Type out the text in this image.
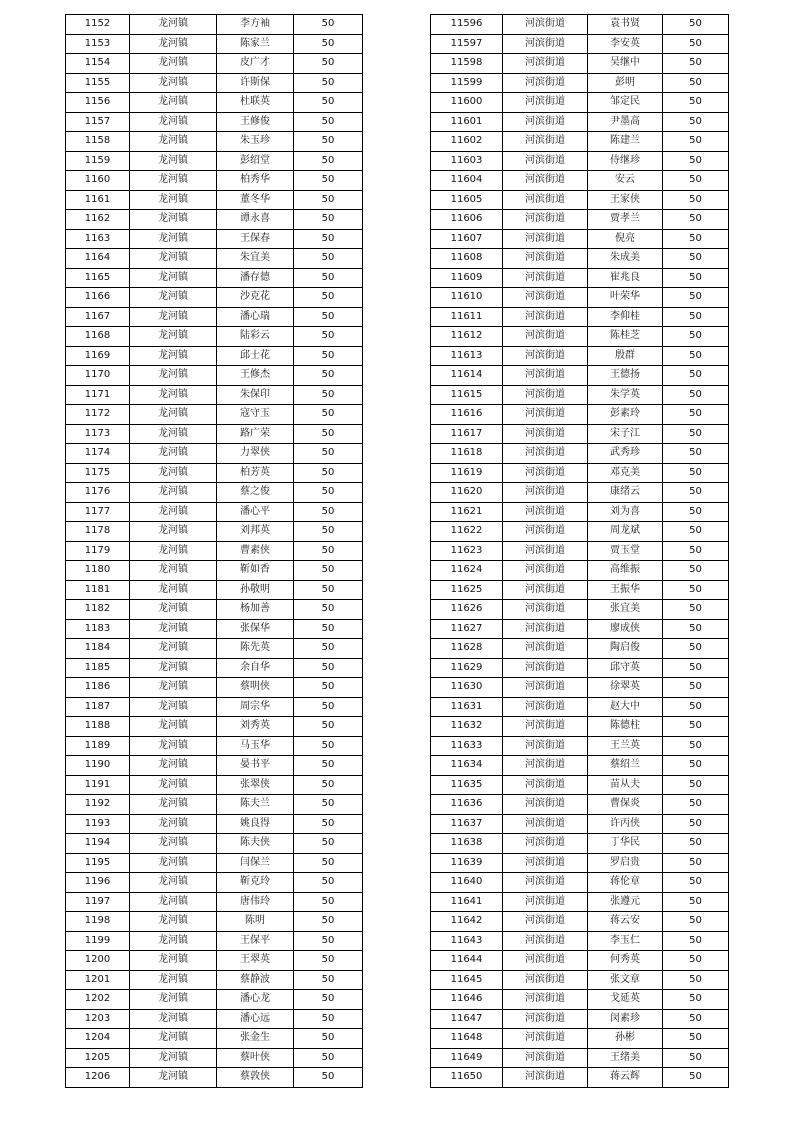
1152	龙河镇	李方袖	50
1153	龙河镇	陈家兰	50
1154	龙河镇	皮广才	50
1155	龙河镇	许斯保	50
1156	龙河镇	杜联英	50
1157	龙河镇	王修俊	50
1158	龙河镇	朱玉珍	50
1159	龙河镇	彭绍堂	50
1160	龙河镇	柏秀华	50
1161	龙河镇	董冬华	50
1162	龙河镇	谭永喜	50
1163	龙河镇	王保春	50
1164	龙河镇	朱宜美	50
1165	龙河镇	潘存德	50
1166	龙河镇	沙克花	50
1167	龙河镇	潘心瑞	50
1168	龙河镇	陆彩云	50
1169	龙河镇	邱士花	50
1170	龙河镇	王修杰	50
1171	龙河镇	朱保印	50
1172	龙河镇	寇守玉	50
1173	龙河镇	路广荣	50
1174	龙河镇	力翠侠	50
1175	龙河镇	柏芳英	50
1176	龙河镇	蔡之俊	50
1177	龙河镇	潘心平	50
1178	龙河镇	刘邦英	50
1179	龙河镇	曹素侠	50
1180	龙河镇	靳如香	50
1181	龙河镇	孙敬明	50
1182	龙河镇	杨加善	50
1183	龙河镇	张保华	50
1184	龙河镇	陈先英	50
1185	龙河镇	余自华	50
1186	龙河镇	蔡明侠	50
1187	龙河镇	周宗华	50
1188	龙河镇	刘秀英	50
1189	龙河镇	马玉华	50
1190	龙河镇	晏书平	50
1191	龙河镇	张翠侠	50
1192	龙河镇	陈夫兰	50
1193	龙河镇	姚良得	50
1194	龙河镇	陈夫侠	50
1195	龙河镇	闫保兰	50
1196	龙河镇	靳克玲	50
1197	龙河镇	唐伟玲	50
1198	龙河镇	陈明	50
1199	龙河镇	王保平	50
1200	龙河镇	王翠英	50
1201	龙河镇	蔡静波	50
1202	龙河镇	潘心龙	50
1203	龙河镇	潘心远	50
1204	龙河镇	张金生	50
1205	龙河镇	蔡叶侠	50
1206	龙河镇	蔡敦侠	50
11596	河滨街道	袁书贤	50
11597	河滨街道	李安英	50
11598	河滨街道	吴继中	50
11599	河滨街道	彭明	50
11600	河滨街道	邹定民	50
11601	河滨街道	尹墨高	50
11602	河滨街道	陈建兰	50
11603	河滨街道	侍继珍	50
11604	河滨街道	安云	50
11605	河滨街道	王家侠	50
11606	河滨街道	贾孝兰	50
11607	河滨街道	倪亮	50
11608	河滨街道	朱成美	50
11609	河滨街道	崔兆良	50
11610	河滨街道	叶荣华	50
11611	河滨街道	李仰桂	50
11612	河滨街道	陈桂芝	50
11613	河滨街道	殷群	50
11614	河滨街道	王德扬	50
11615	河滨街道	朱学英	50
11616	河滨街道	彭素玲	50
11617	河滨街道	宋子江	50
11618	河滨街道	武秀珍	50
11619	河滨街道	邓克美	50
11620	河滨街道	康绪云	50
11621	河滨街道	刘为喜	50
11622	河滨街道	周龙斌	50
11623	河滨街道	贾玉堂	50
11624	河滨街道	高维振	50
11625	河滨街道	王振华	50
11626	河滨街道	张宜美	50
11627	河滨街道	廖成侠	50
11628	河滨街道	陶启俊	50
11629	河滨街道	邱守英	50
11630	河滨街道	徐翠英	50
11631	河滨街道	赵大中	50
11632	河滨街道	陈德柱	50
11633	河滨街道	王兰英	50
11634	河滨街道	蔡绍兰	50
11635	河滨街道	苗从夫	50
11636	河滨街道	曹保炎	50
11637	河滨街道	许丙侠	50
11638	河滨街道	丁华民	50
11639	河滨街道	罗启贵	50
11640	河滨街道	蒋伦章	50
11641	河滨街道	张遵元	50
11642	河滨街道	蒋云安	50
11643	河滨街道	李玉仁	50
11644	河滨街道	何秀英	50
11645	河滨街道	张文章	50
11646	河滨街道	戈延英	50
11647	河滨街道	闵素珍	50
11648	河滨街道	孙彬	50
11649	河滨街道	王绪美	50
11650	河滨街道	蒋云辉	50
